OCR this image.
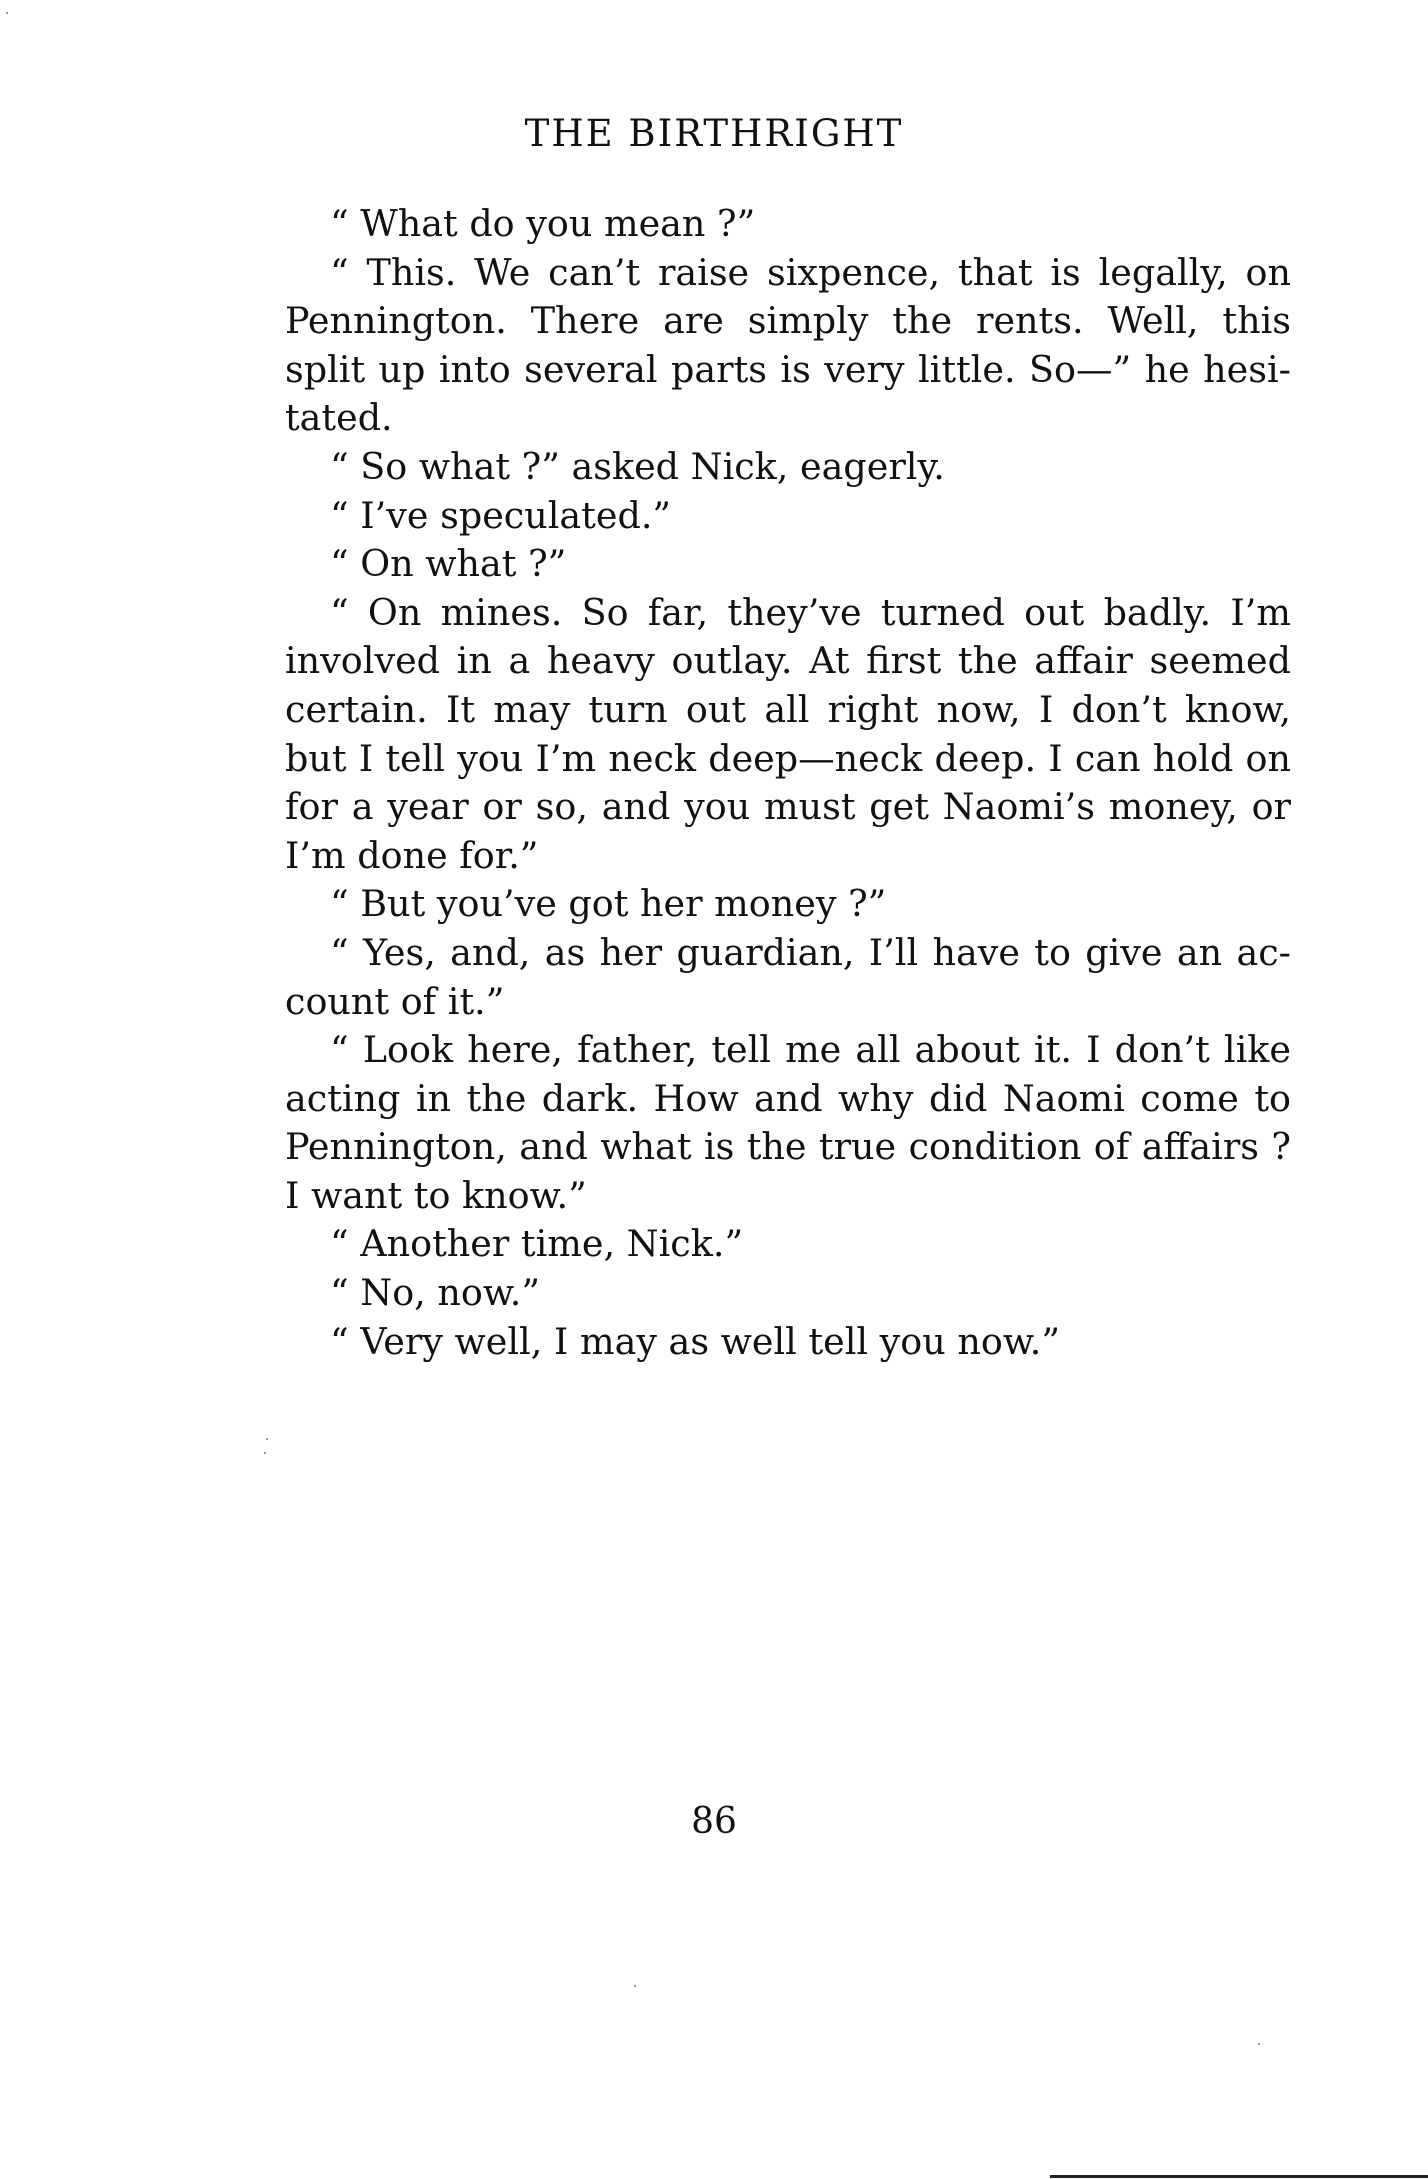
THE BIRTHRIGHT

“ What do you mean ?”

“ This. We can’t raise sixpence, that is legally, on Pennington. There are simply the rents. Well, this split up into several parts is very little. So—” he hesitated.

“ So what ?” asked Nick, eagerly.

“ I’ve speculated.”

“ On what ?”

“ On mines. So far, they’ve turned out badly. I’m involved in a heavy outlay. At first the affair seemed certain. It may turn out all right now, I don’t know, but I tell you I’m neck deep—neck deep. I can hold on for a year or so, and you must get Naomi’s money, or I’m done for.”

“ But you’ve got her money ?”

“ Yes, and, as her guardian, I’ll have to give an account of it.”

“ Look here, father, tell me all about it. I don’t like acting in the dark. How and why did Naomi come to Pennington, and what is the true condition of affairs ? I want to know.”

“ Another time, Nick.”

“ No, now.”

“ Very well, I may as well tell you now.”

86
